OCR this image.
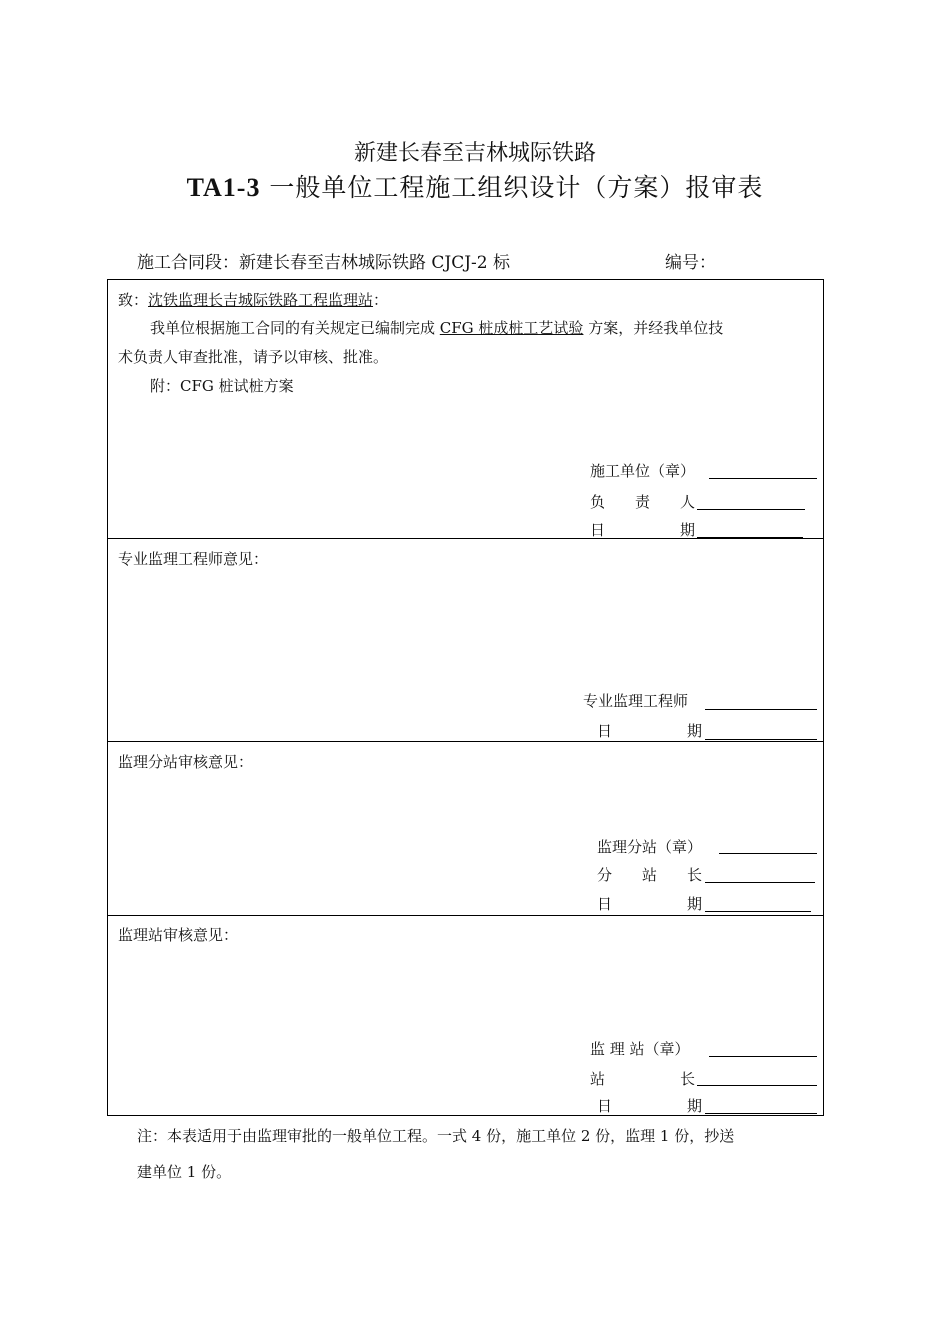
新建长春至吉林城际铁路
TA1-3 一般单位工程施工组织设计（方案）报审表
施工合同段：新建长春至吉林城际铁路 CJCJ-2 标	编号：
致：沈铁监理长吉城际铁路工程监理站：
我单位根据施工合同的有关规定已编制完成 CFG 桩成桩工艺试验 方案，并经我单位技
术负责人审查批准，请予以审核、批准。
附：CFG 桩试桩方案
施工单位（章）
负　　责　　人
日　　　　　期
专业监理工程师意见：
专业监理工程师
日　　　　　期
监理分站审核意见：
监理分站（章）
分　　站　　长
日　　　　　期
监理站审核意见：
监 理 站（章）
站　　　　　长
日　　　　　期
注：本表适用于由监理审批的一般单位工程。一式 4 份，施工单位 2 份，监理 1 份，抄送
建单位 1 份。
